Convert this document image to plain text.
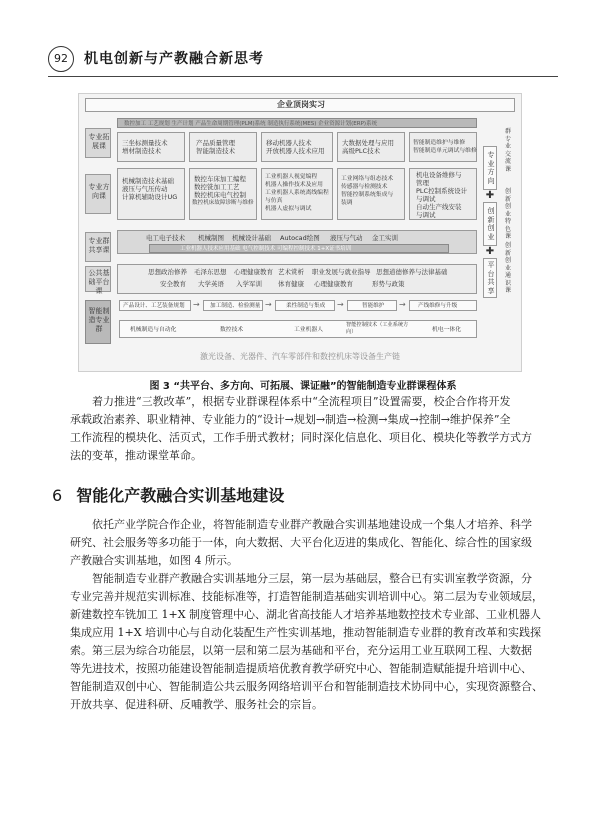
92	机电创新与产教融合新思考
企业顶岗实习
专业拓展课
专业方向课
专业群共享课
公共基础平台课
智能制造专业群
数控加工 工艺规划 生产计划 产品生命周期管理(PLM)系统 制造执行系统(MES) 企业资源计划(ERP)系统
三坐标测量技术
增材制造技术
产品质量管理
智能制造技术
移动机器人技术
开放机器人技术应用
大数据处理与应用
高级PLC技术
智能制造维护与维修
智能制造单元调试与维修
机械制造技术基础
液压与气压传动
计算机辅助设计UG
数控车床加工编程
数控铣加工工艺
数控机床电气控制
数控机床故障诊断与维修
工业机器人视觉编程
机器人操作技术及应用
工业机器人系统离线编程
与仿真
机器人虚拟与调试
工业网络与组态技术
传感器与检测技术
智能控制系统集成与
装调
机电设备维修与
管理
PLC控制系统设计
与调试
自动生产线安装
与调试
电工电子技术 机械制图 机械设计基础 Autocad绘图 液压与气动 金工实训
工业机器人技术应用基础 电气控制技术 可编程控制技术 1+X证书培训
思想政治修养 毛泽东思想 心理健康教育 艺术赏析 职业发展与就业指导 思想道德修养与法律基础
安全教育 大学英语 入学军训 体育健康 心理健康教育	形势与政策
产品设计、工艺装备规划 → 加工制造、检验测量 →	柔性制造与集成 →	智能维护 → 产线维修与升级
机械制造与自动化	数控技术	工业机器人
智能控制技术（工业系统方向）	机电一体化
专业方向
✚
创新创业
✚
平台共享
群专业交流课
创新创业特色课
创新创业通识课
激光设备、光器件、汽车零部件和数控机床等设备生产链
图 3 “共平台、多方向、可拓展、课证融”的智能制造专业群课程体系
着力推进“三教改革”，根据专业群课程体系中“全流程项目”设置需要，校企合作将开发
承载政治素养、职业精神、专业能力的“设计→规划→制造→检测→集成→控制→维护保养”全
工作流程的模块化、活页式，工作手册式教材；同时深化信息化、项目化、模块化等教学方式方
法的变革，推动课堂革命。
6 智能化产教融合实训基地建设
依托产业学院合作企业，将智能制造专业群产教融合实训基地建设成一个集人才培养、科学
研究、社会服务等多功能于一体，向大数据、大平台化迈进的集成化、智能化、综合性的国家级
产教融合实训基地，如图 4 所示。
智能制造专业群产教融合实训基地分三层，第一层为基础层，整合已有实训室教学资源，分
专业完善并规范实训标准、技能标准等，打造智能制造基础实训培训中心。第二层为专业领域层，
新建数控车铣加工 1+X 制度管理中心、湖北省高技能人才培养基地数控技术专业部、工业机器人
集成应用 1+X 培训中心与自动化装配生产性实训基地，推动智能制造专业群的教育改革和实践探
索。第三层为综合功能层，以第一层和第二层为基础和平台，充分运用工业互联网工程、大数据
等先进技术，按照功能建设智能制造提质培优教育教学研究中心、智能制造赋能提升培训中心、
智能制造双创中心、智能制造公共云服务网络培训平台和智能制造技术协同中心，实现资源整合、
开放共享、促进科研、反哺教学、服务社会的宗旨。
